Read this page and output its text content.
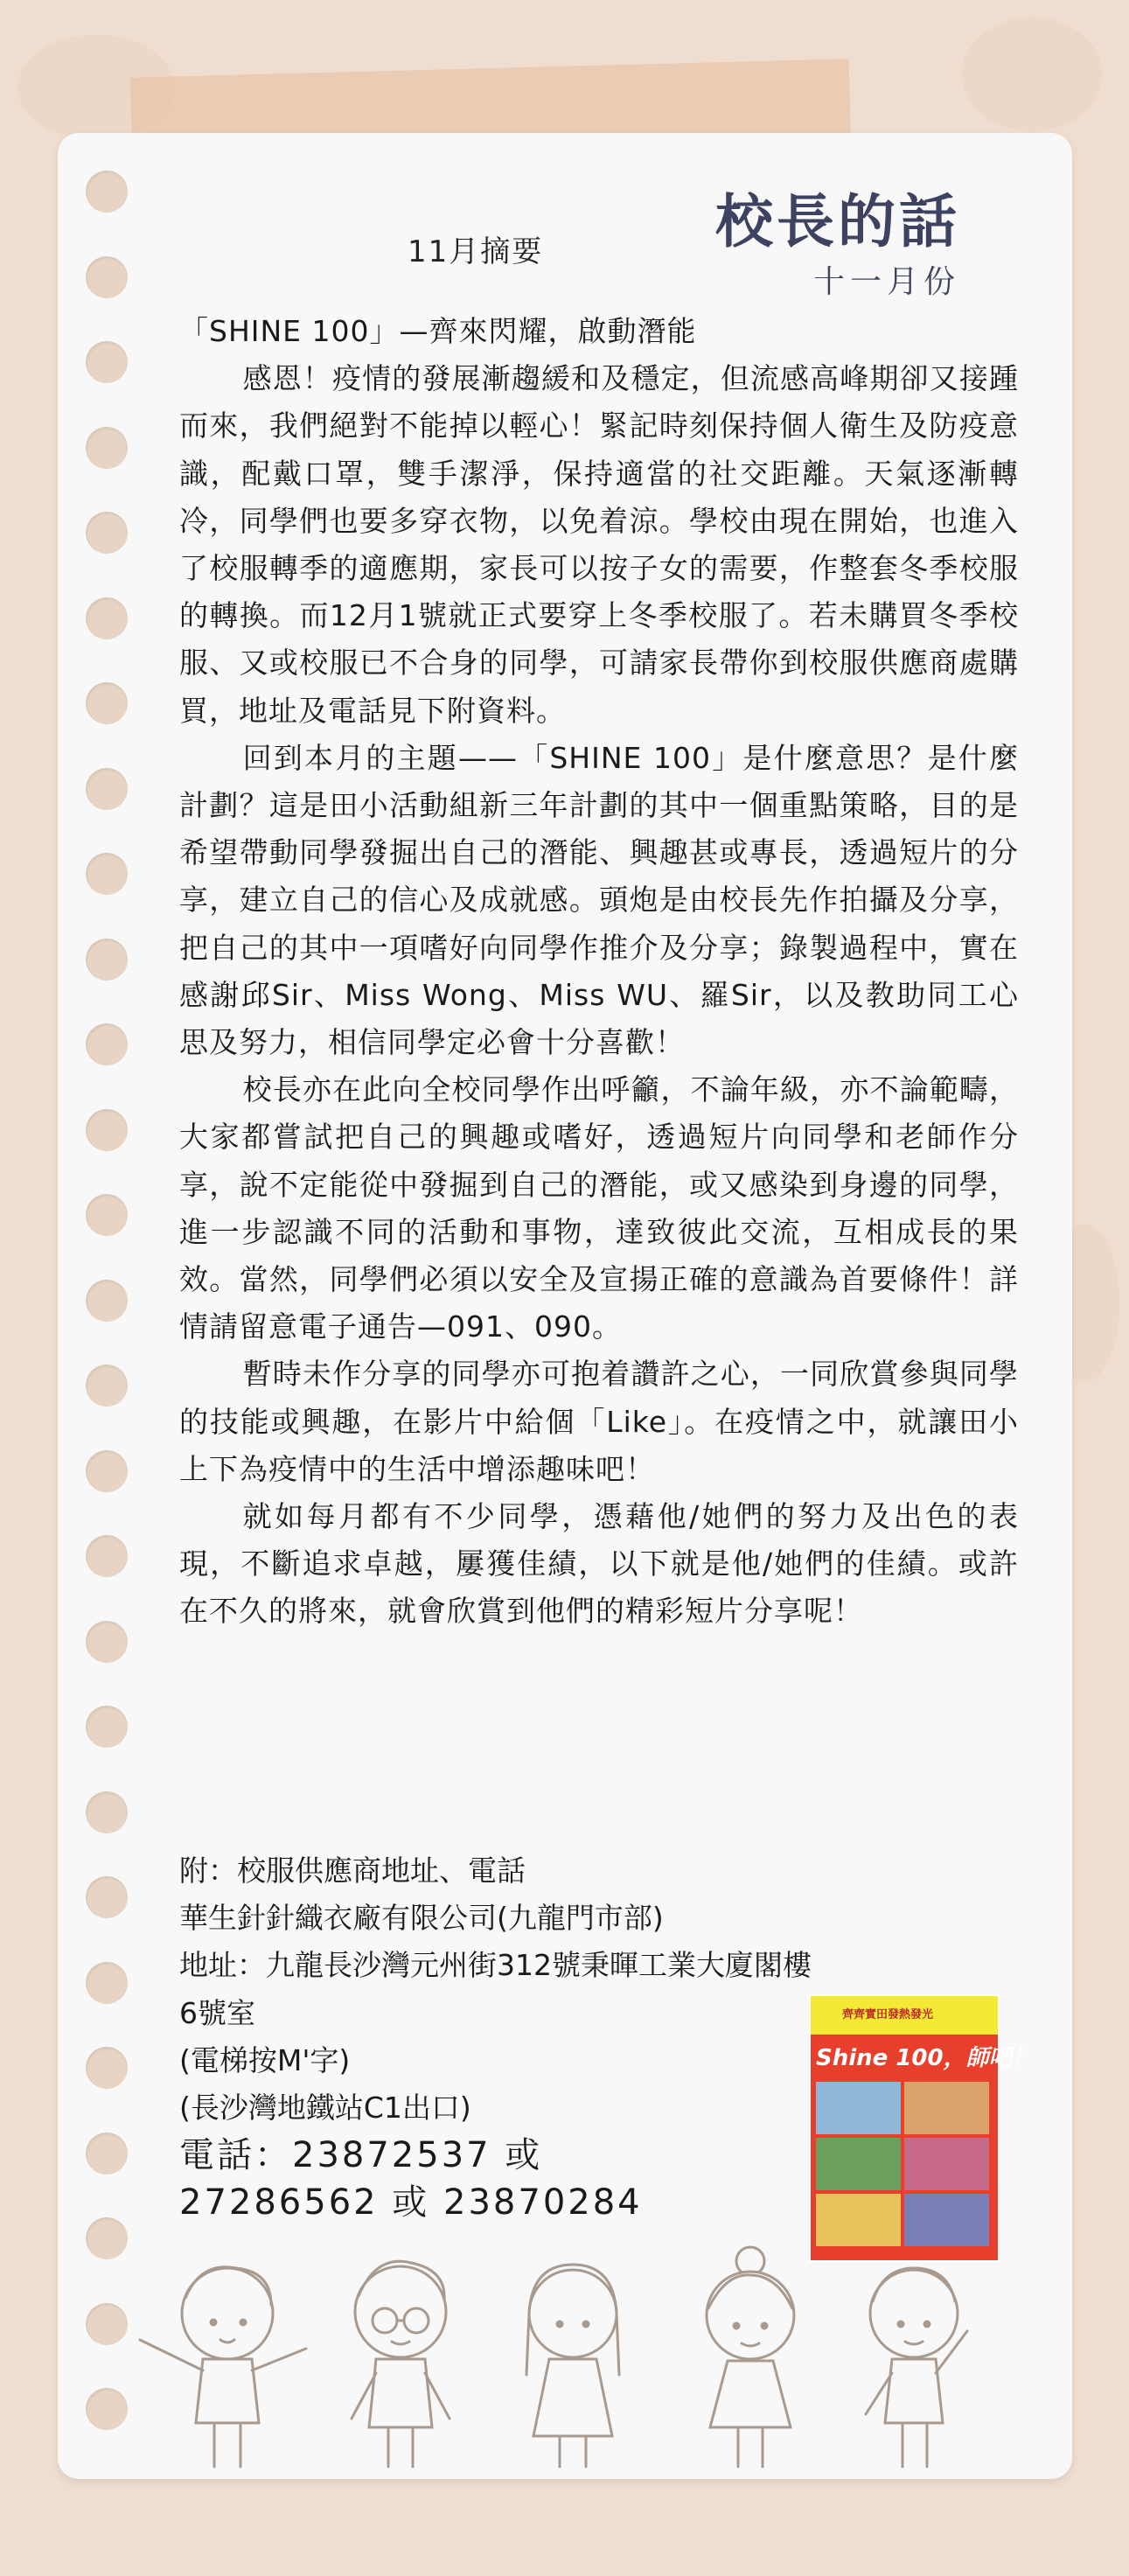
校長的話
十一月份
11月摘要

「SHINE 100」—齊來閃耀，啟動潛能

感恩！疫情的發展漸趨緩和及穩定，但流感高峰期卻又接踵而來，我們絕對不能掉以輕心！緊記時刻保持個人衛生及防疫意識，配戴口罩，雙手潔淨，保持適當的社交距離。天氣逐漸轉冷，同學們也要多穿衣物，以免着涼。學校由現在開始，也進入了校服轉季的適應期，家長可以按子女的需要，作整套冬季校服的轉換。而12月1號就正式要穿上冬季校服了。若未購買冬季校服、又或校服已不合身的同學，可請家長帶你到校服供應商處購買，地址及電話見下附資料。

回到本月的主題——「SHINE 100」是什麼意思？是什麼計劃？這是田小活動組新三年計劃的其中一個重點策略，目的是希望帶動同學發掘出自己的潛能、興趣甚或專長，透過短片的分享，建立自己的信心及成就感。頭炮是由校長先作拍攝及分享，把自己的其中一項嗜好向同學作推介及分享；錄製過程中，實在感謝邱Sir、Miss Wong、Miss WU、羅Sir，以及教助同工心思及努力，相信同學定必會十分喜歡！

校長亦在此向全校同學作出呼籲，不論年級，亦不論範疇， 大家都嘗試把自己的興趣或嗜好，透過短片向同學和老師作分享，說不定能從中發掘到自己的潛能，或又感染到身邊的同學，進一步認識不同的活動和事物，達致彼此交流，互相成長的果效。當然，同學們必須以安全及宣揚正確的意識為首要條件！詳情請留意電子通告—091、090。

暫時未作分享的同學亦可抱着讚許之心，一同欣賞參與同學的技能或興趣，在影片中給個「Like」。在疫情之中，就讓田小上下為疫情中的生活中增添趣味吧！

就如每月都有不少同學，憑藉他/她們的努力及出色的表現，不斷追求卓越，屢獲佳績，以下就是他/她們的佳績。或許在不久的將來，就會欣賞到他們的精彩短片分享呢！

附：校服供應商地址、電話
華生針針織衣廠有限公司(九龍門市部)
地址：九龍長沙灣元州街312號秉暉工業大廈閣樓
6號室
(電梯按M'字)
(長沙灣地鐵站C1出口)
電話：23872537 或
27286562 或 23870284
齊齊實田發熱發光
Shine 100，師吧！
